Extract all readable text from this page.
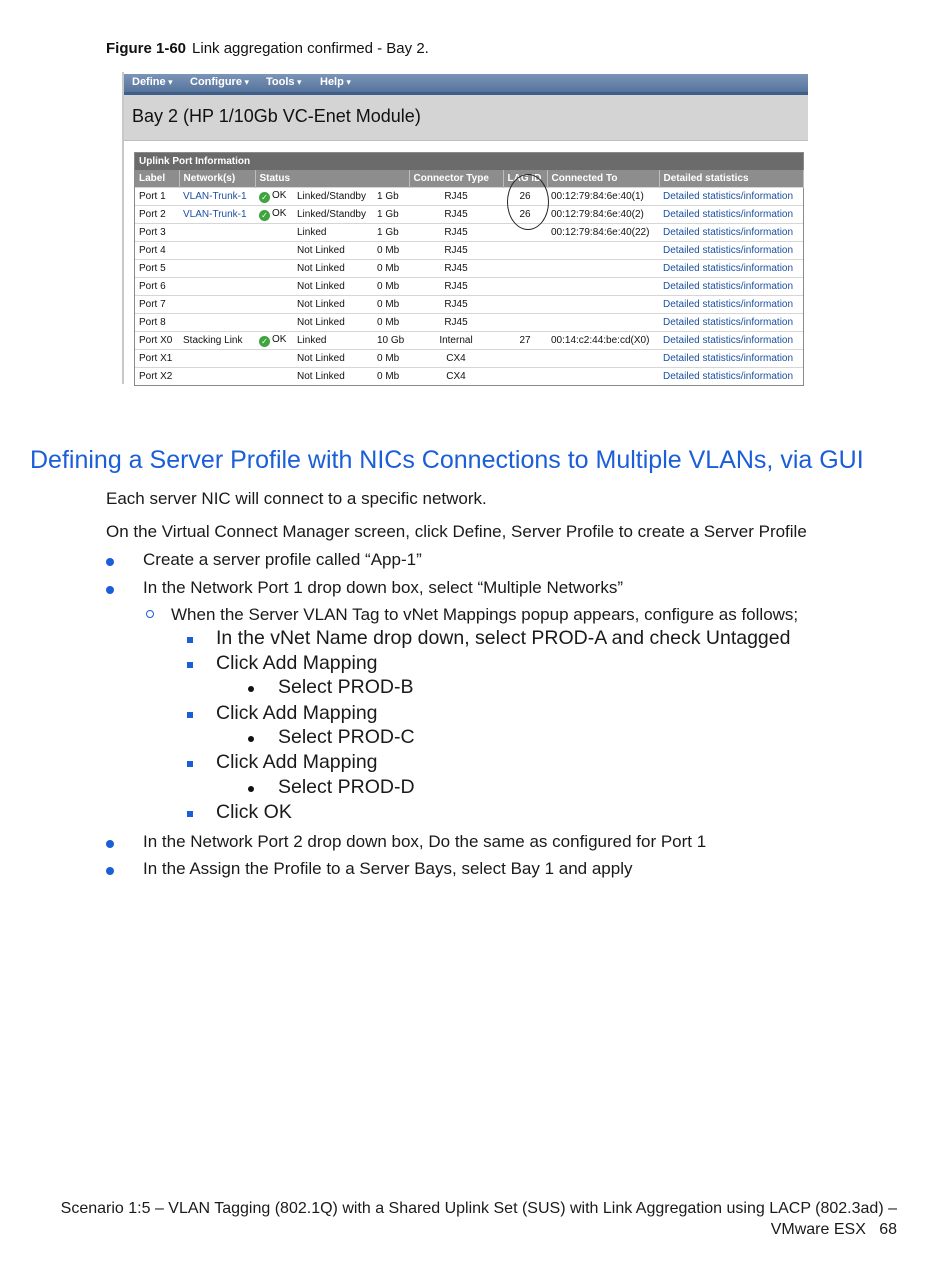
Figure 1-60 Link aggregation confirmed - Bay 2.
Define ▾	Configure ▾	Tools ▾	Help ▾
Bay 2 (HP 1/10Gb VC-Enet Module)
Uplink Port Information
Label	Network(s)	Status			Connector Type	LAG ID	Connected To	Detailed statistics
Port 1	VLAN-Trunk-1	✓ OK	Linked/Standby	1 Gb	RJ45	26	00:12:79:84:6e:40(1)	Detailed statistics/information
Port 2	VLAN-Trunk-1	✓ OK	Linked/Standby	1 Gb	RJ45	26	00:12:79:84:6e:40(2)	Detailed statistics/information
Port 3			Linked	1 Gb	RJ45		00:12:79:84:6e:40(22)	Detailed statistics/information
Port 4			Not Linked	0 Mb	RJ45			Detailed statistics/information
Port 5			Not Linked	0 Mb	RJ45			Detailed statistics/information
Port 6			Not Linked	0 Mb	RJ45			Detailed statistics/information
Port 7			Not Linked	0 Mb	RJ45			Detailed statistics/information
Port 8			Not Linked	0 Mb	RJ45			Detailed statistics/information
Port X0	Stacking Link	✓ OK	Linked	10 Gb	Internal	27	00:14:c2:44:be:cd(X0)	Detailed statistics/information
Port X1			Not Linked	0 Mb	CX4			Detailed statistics/information
Port X2			Not Linked	0 Mb	CX4			Detailed statistics/information
Defining a Server Profile with NICs Connections to Multiple VLANs, via GUI
Each server NIC will connect to a specific network.
On the Virtual Connect Manager screen, click Define, Server Profile to create a Server Profile
Create a server profile called “App-1”
In the Network Port 1 drop down box, select “Multiple Networks”
When the Server VLAN Tag to vNet Mappings popup appears, configure as follows;
In the vNet Name drop down, select PROD-A and check Untagged
Click Add Mapping
Select PROD-B
Click Add Mapping
Select PROD-C
Click Add Mapping
Select PROD-D
Click OK
In the Network Port 2 drop down box, Do the same as configured for Port 1
In the Assign the Profile to a Server Bays, select Bay 1 and apply
Scenario 1:5 – VLAN Tagging (802.1Q) with a Shared Uplink Set (SUS) with Link Aggregation using LACP (802.3ad) –
VMware ESX 68
